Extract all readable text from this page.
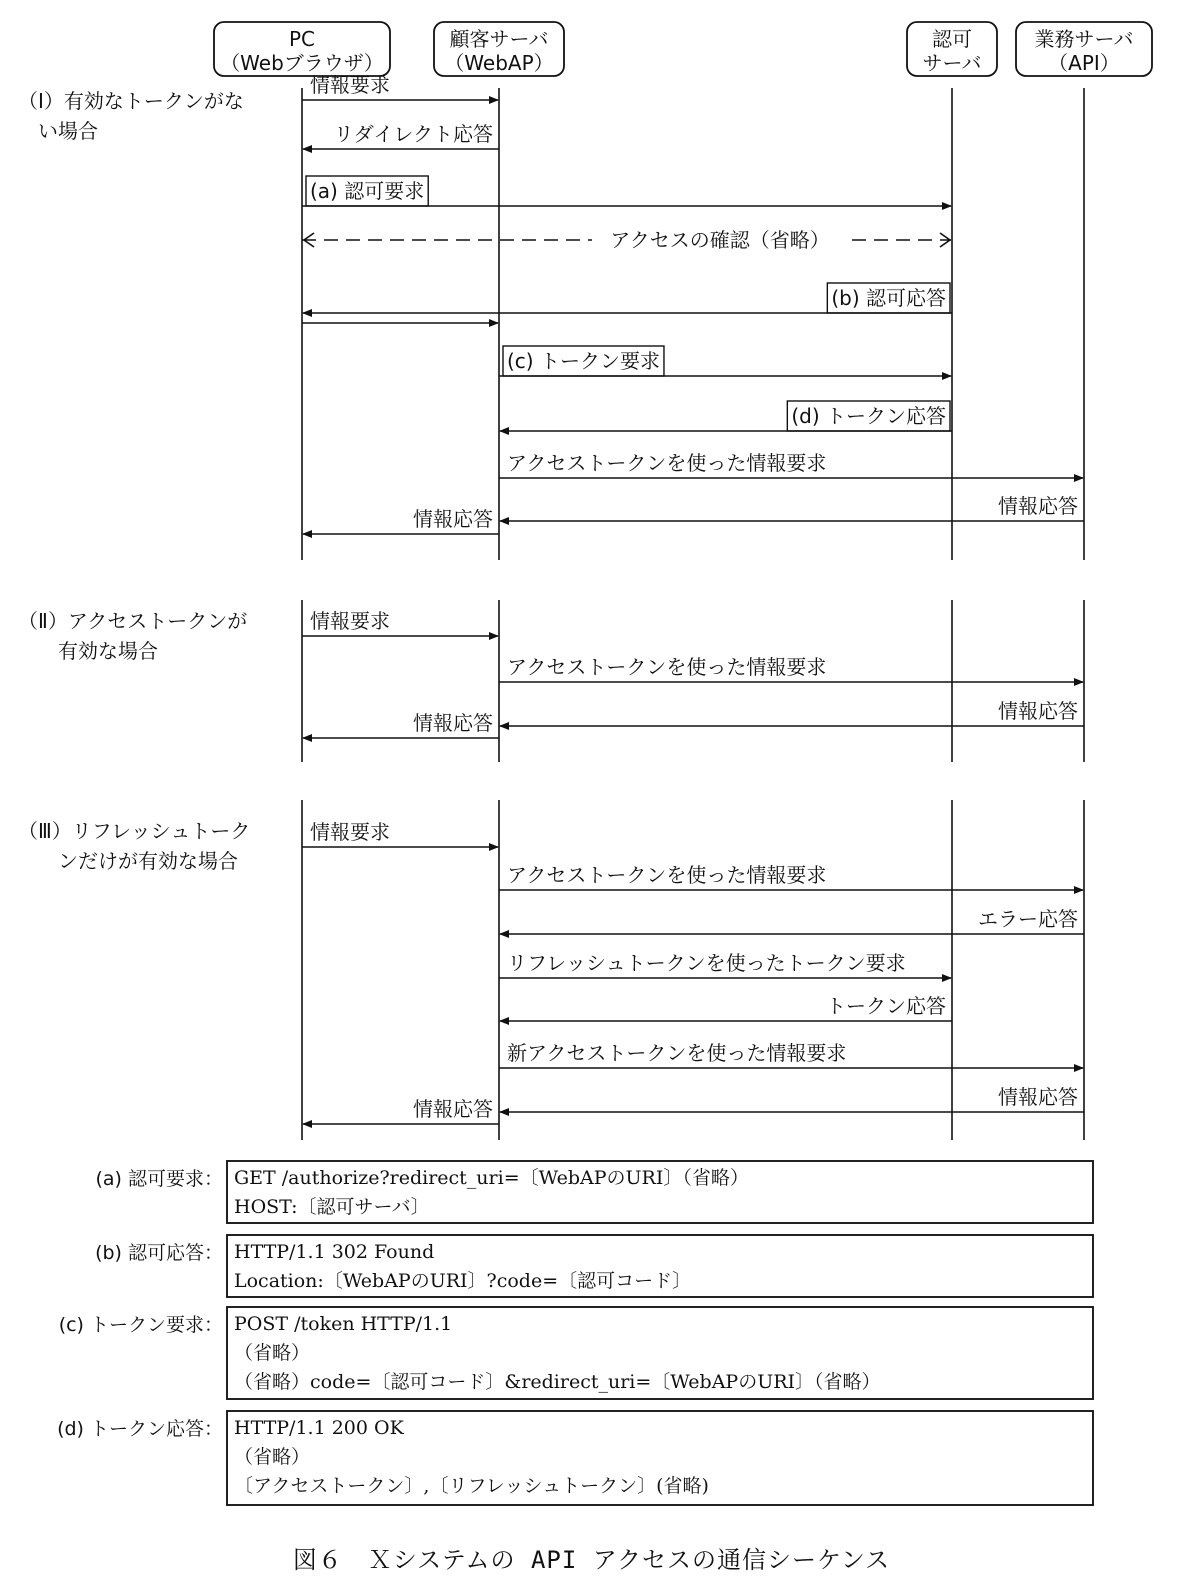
PC
（Webブラウザ）
顧客サーバ
（WebAP）
認可
サーバ
業務サーバ
（API）
情報要求
リダイレクト応答
(a) 認可要求
アクセスの確認（省略）
(b) 認可応答
(c) トークン要求
(d) トークン応答
アクセストークンを使った情報要求
情報応答
情報応答
情報要求
アクセストークンを使った情報要求
情報応答
情報応答
情報要求
アクセストークンを使った情報要求
エラー応答
リフレッシュトークンを使ったトークン要求
トークン応答
新アクセストークンを使った情報要求
情報応答
情報応答
（Ⅰ）有効なトークンがな
　い場合
（Ⅱ）アクセストークンが
　　有効な場合
（Ⅲ）リフレッシュトーク
　　ンだけが有効な場合
(a) 認可要求： GET /authorize?redirect_uri=〔WebAPのURI〕（省略）
HOST:〔認可サーバ〕
(b) 認可応答： HTTP/1.1 302 Found
Location:〔WebAPのURI〕?code=〔認可コード〕
(c) トークン要求： POST /token HTTP/1.1
（省略）
（省略）code=〔認可コード〕&redirect_uri=〔WebAPのURI〕（省略）
(d) トークン応答： HTTP/1.1 200 OK
（省略）
〔アクセストークン〕,〔リフレッシュトークン〕(省略)
図６　Ｘシステムの API アクセスの通信シーケンス
